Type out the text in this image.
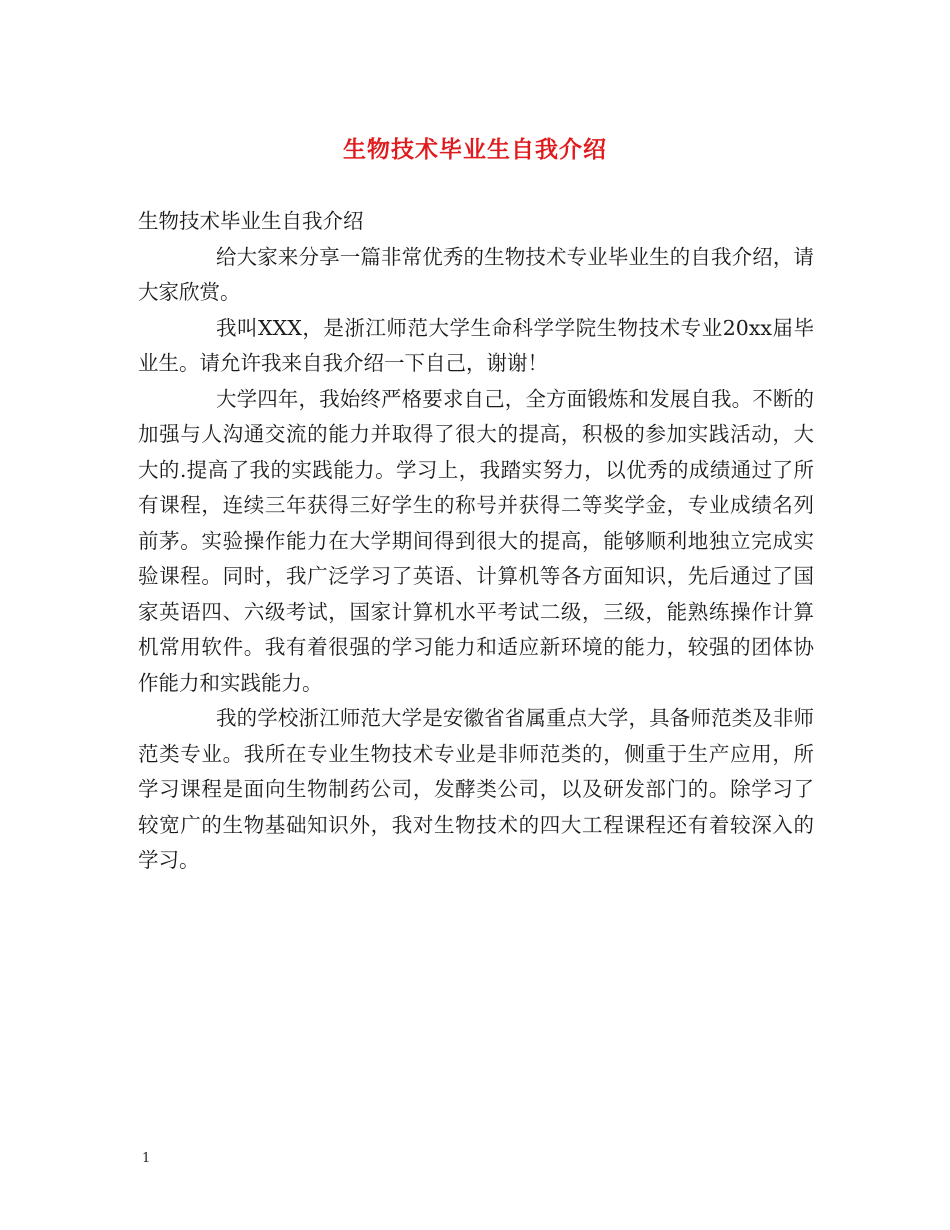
生物技术毕业生自我介绍

生物技术毕业生自我介绍

给大家来分享一篇非常优秀的生物技术专业毕业生的自我介绍，请大家欣赏。

我叫XXX，是浙江师范大学生命科学学院生物技术专业20xx届毕业生。请允许我来自我介绍一下自己，谢谢！

大学四年，我始终严格要求自己，全方面锻炼和发展自我。不断的加强与人沟通交流的能力并取得了很大的提高，积极的参加实践活动，大大的.提高了我的实践能力。学习上，我踏实努力，以优秀的成绩通过了所有课程，连续三年获得三好学生的称号并获得二等奖学金，专业成绩名列前茅。实验操作能力在大学期间得到很大的提高，能够顺利地独立完成实验课程。同时，我广泛学习了英语、计算机等各方面知识，先后通过了国家英语四、六级考试，国家计算机水平考试二级，三级，能熟练操作计算机常用软件。我有着很强的学习能力和适应新环境的能力，较强的团体协作能力和实践能力。

我的学校浙江师范大学是安徽省省属重点大学，具备师范类及非师范类专业。我所在专业生物技术专业是非师范类的，侧重于生产应用，所学习课程是面向生物制药公司，发酵类公司，以及研发部门的。除学习了较宽广的生物基础知识外，我对生物技术的四大工程课程还有着较深入的学习。

1
